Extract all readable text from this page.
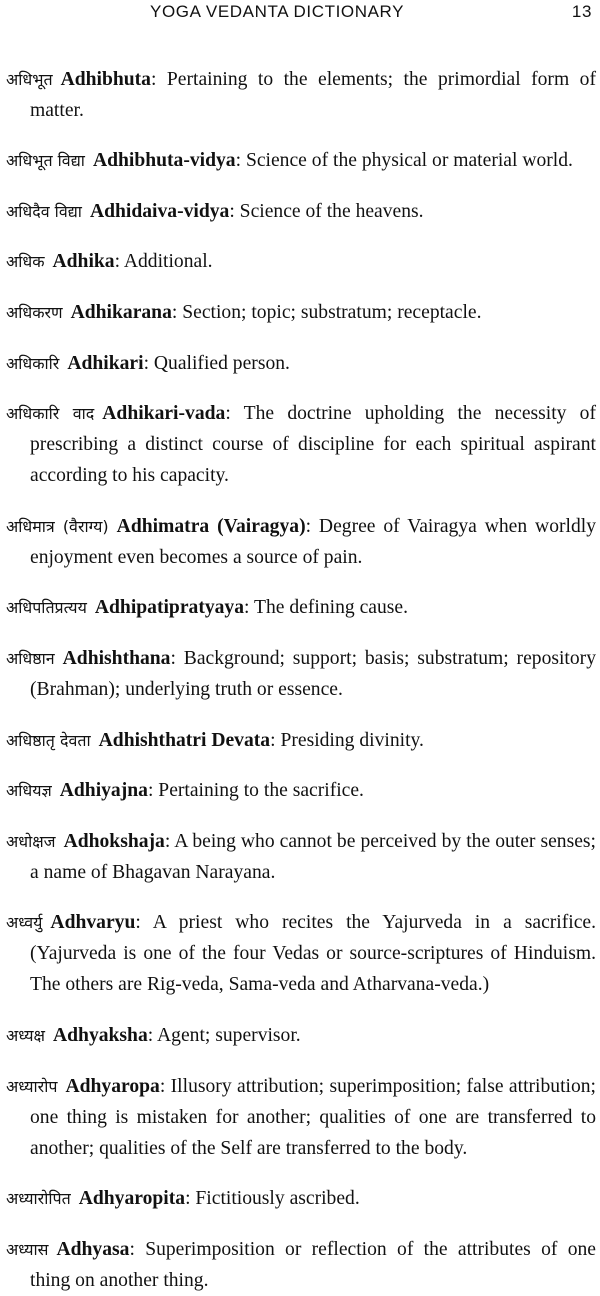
YOGA VEDANTA DICTIONARY	13

अधिभूत Adhibhuta: Pertaining to the elements; the primordial form of matter.

अधिभूत विद्या Adhibhuta-vidya: Science of the physical or material world.

अधिदैव विद्या Adhidaiva-vidya: Science of the heavens.

अधिक Adhika: Additional.

अधिकरण Adhikarana: Section; topic; substratum; receptacle.

अधिकारि Adhikari: Qualified person.

अधिकारि वाद Adhikari-vada: The doctrine upholding the necessity of prescribing a distinct course of discipline for each spiritual aspirant according to his capacity.

अधिमात्र (वैराग्य) Adhimatra (Vairagya): Degree of Vairagya when worldly enjoyment even becomes a source of pain.

अधिपतिप्रत्यय Adhipatipratyaya: The defining cause.

अधिष्ठान Adhishthana: Background; support; basis; substratum; repository (Brahman); underlying truth or essence.

अधिष्ठातृ देवता Adhishthatri Devata: Presiding divinity.

अधियज्ञ Adhiyajna: Pertaining to the sacrifice.

अधोक्षज Adhokshaja: A being who cannot be perceived by the outer senses; a name of Bhagavan Narayana.

अध्वर्यु Adhvaryu: A priest who recites the Yajurveda in a sacrifice. (Yajurveda is one of the four Vedas or source-scriptures of Hinduism. The others are Rig-veda, Sama-veda and Atharvana-veda.)

अध्यक्ष Adhyaksha: Agent; supervisor.

अध्यारोप Adhyaropa: Illusory attribution; superimposition; false attribution; one thing is mistaken for another; qualities of one are transferred to another; qualities of the Self are transferred to the body.

अध्यारोपित Adhyaropita: Fictitiously ascribed.

अध्यास Adhyasa: Superimposition or reflection of the attributes of one thing on another thing.
